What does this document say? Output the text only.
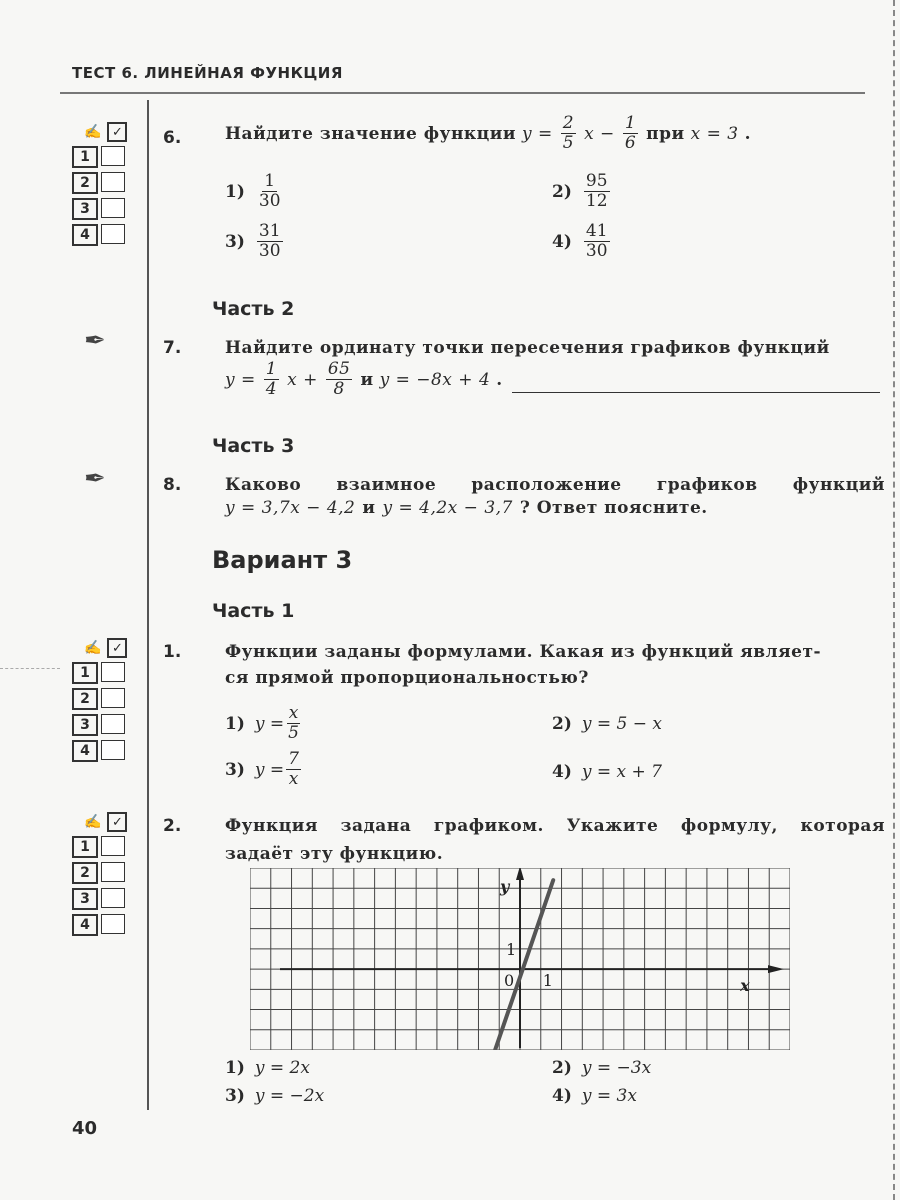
ТЕСТ 6. ЛИНЕЙНАЯ ФУНКЦИЯ
✍ ✓
1
2
3
4
✍ ✓
1
2
3
4
✍ ✓
1
2
3
4
6.	Найдите значение функции $y = \frac{2}{5}$ $x - \frac{1}{6}$ при x = 3 .
$1) \frac{1}{30}$	$2) \frac{95}{12}$
$3) \frac{31}{30}$	$4) \frac{41}{30}$
Часть 2
✒	7.	Найдите ординату точки пересечения графиков функций
$y = \frac{1}{4}$ $x + \frac{65}{8}$ и y = −8x + 4 .
Часть 3
✒	8.	Каково взаимное расположение графиков функций
y = 3,7x − 4,2 и y = 4,2x − 3,7 ? Ответ поясните.
Вариант 3
Часть 1
1.	Функции заданы формулами. Какая из функций являет-
ся прямой пропорциональностью?
1) $y = \frac{x}{5}$	2) y = 5 − x
3) $y = \frac{7}{x}$	4) y = x + 7
2.	Функция задана графиком. Укажите формулу, которая
задаёт эту функцию.
y
x
0
1
1
1) y = 2x	2) y = −3x
3) y = −2x	4) y = 3x
40
